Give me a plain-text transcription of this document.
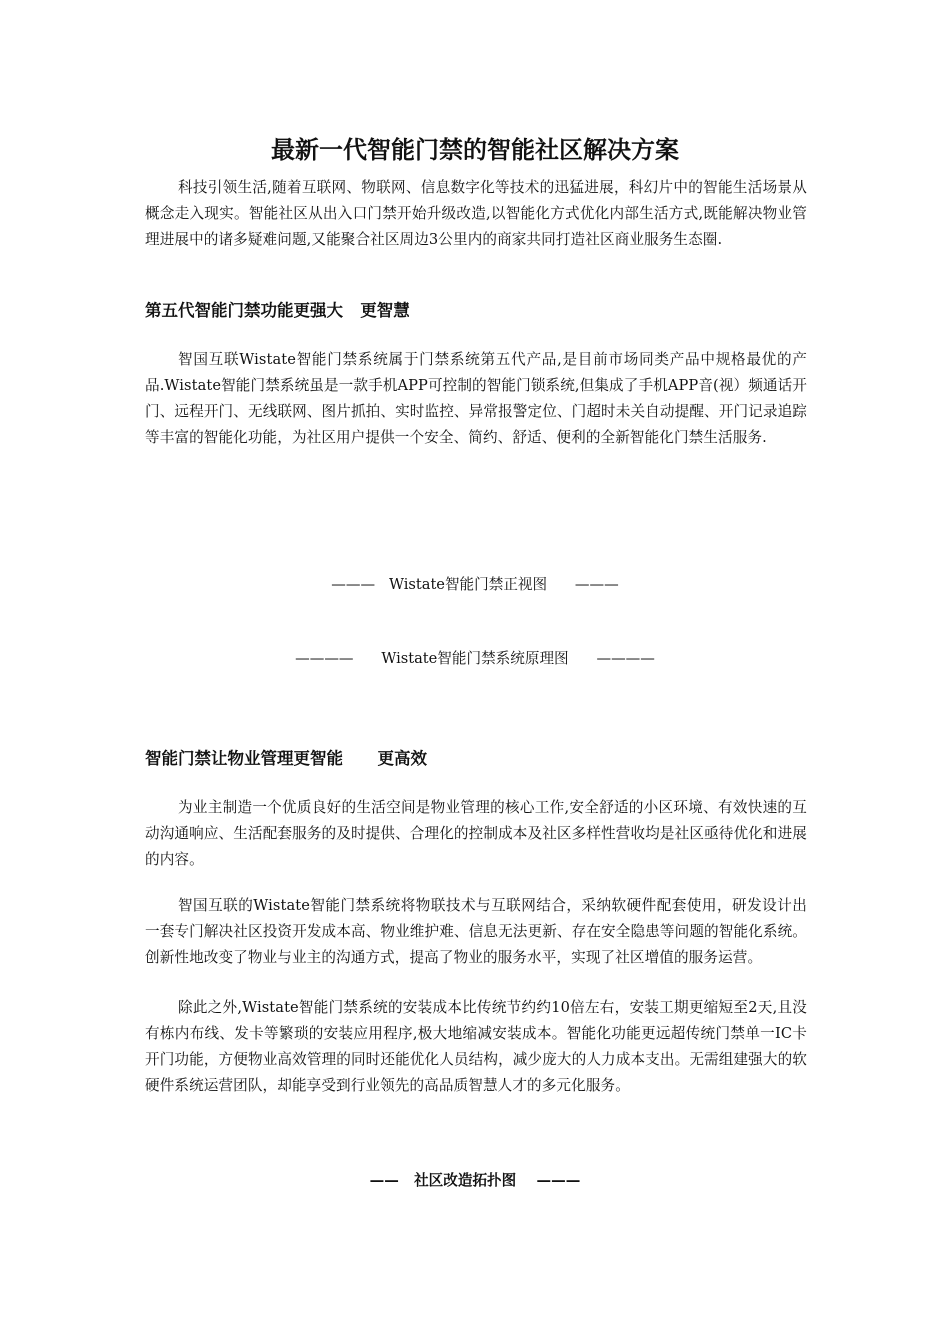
最新一代智能门禁的智能社区解决方案

科技引领生活,随着互联网、物联网、信息数字化等技术的迅猛进展，科幻片中的智能生活场景从概念走入现实。智能社区从出入口门禁开始升级改造,以智能化方式优化内部生活方式,既能解决物业管理进展中的诸多疑难问题,又能聚合社区周边3公里内的商家共同打造社区商业服务生态圈.

第五代智能门禁功能更强大   更智慧

智国互联Wistate智能门禁系统属于门禁系统第五代产品,是目前市场同类产品中规格最优的产品.Wistate智能门禁系统虽是一款手机APP可控制的智能门锁系统,但集成了手机APP音(视）频通话开门、远程开门、无线联网、图片抓拍、实时监控、异常报警定位、门超时未关自动提醒、开门记录追踪等丰富的智能化功能，为社区用户提供一个安全、简约、舒适、便利的全新智能化门禁生活服务.

———   Wistate智能门禁正视图      ———

————      Wistate智能门禁系统原理图      ————

智能门禁让物业管理更智能      更高效

为业主制造一个优质良好的生活空间是物业管理的核心工作,安全舒适的小区环境、有效快速的互动沟通响应、生活配套服务的及时提供、合理化的控制成本及社区多样性营收均是社区亟待优化和进展的内容。

智国互联的Wistate智能门禁系统将物联技术与互联网结合，采纳软硬件配套使用，研发设计出一套专门解决社区投资开发成本高、物业维护难、信息无法更新、存在安全隐患等问题的智能化系统。创新性地改变了物业与业主的沟通方式，提高了物业的服务水平，实现了社区增值的服务运营。

除此之外,Wistate智能门禁系统的安装成本比传统节约约10倍左右，安装工期更缩短至2天,且没有栋内布线、发卡等繁琐的安装应用程序,极大地缩减安装成本。智能化功能更远超传统门禁单一IC卡开门功能，方便物业高效管理的同时还能优化人员结构，减少庞大的人力成本支出。无需组建强大的软硬件系统运营团队，却能享受到行业领先的高品质智慧人才的多元化服务。

——   社区改造拓扑图    ———
